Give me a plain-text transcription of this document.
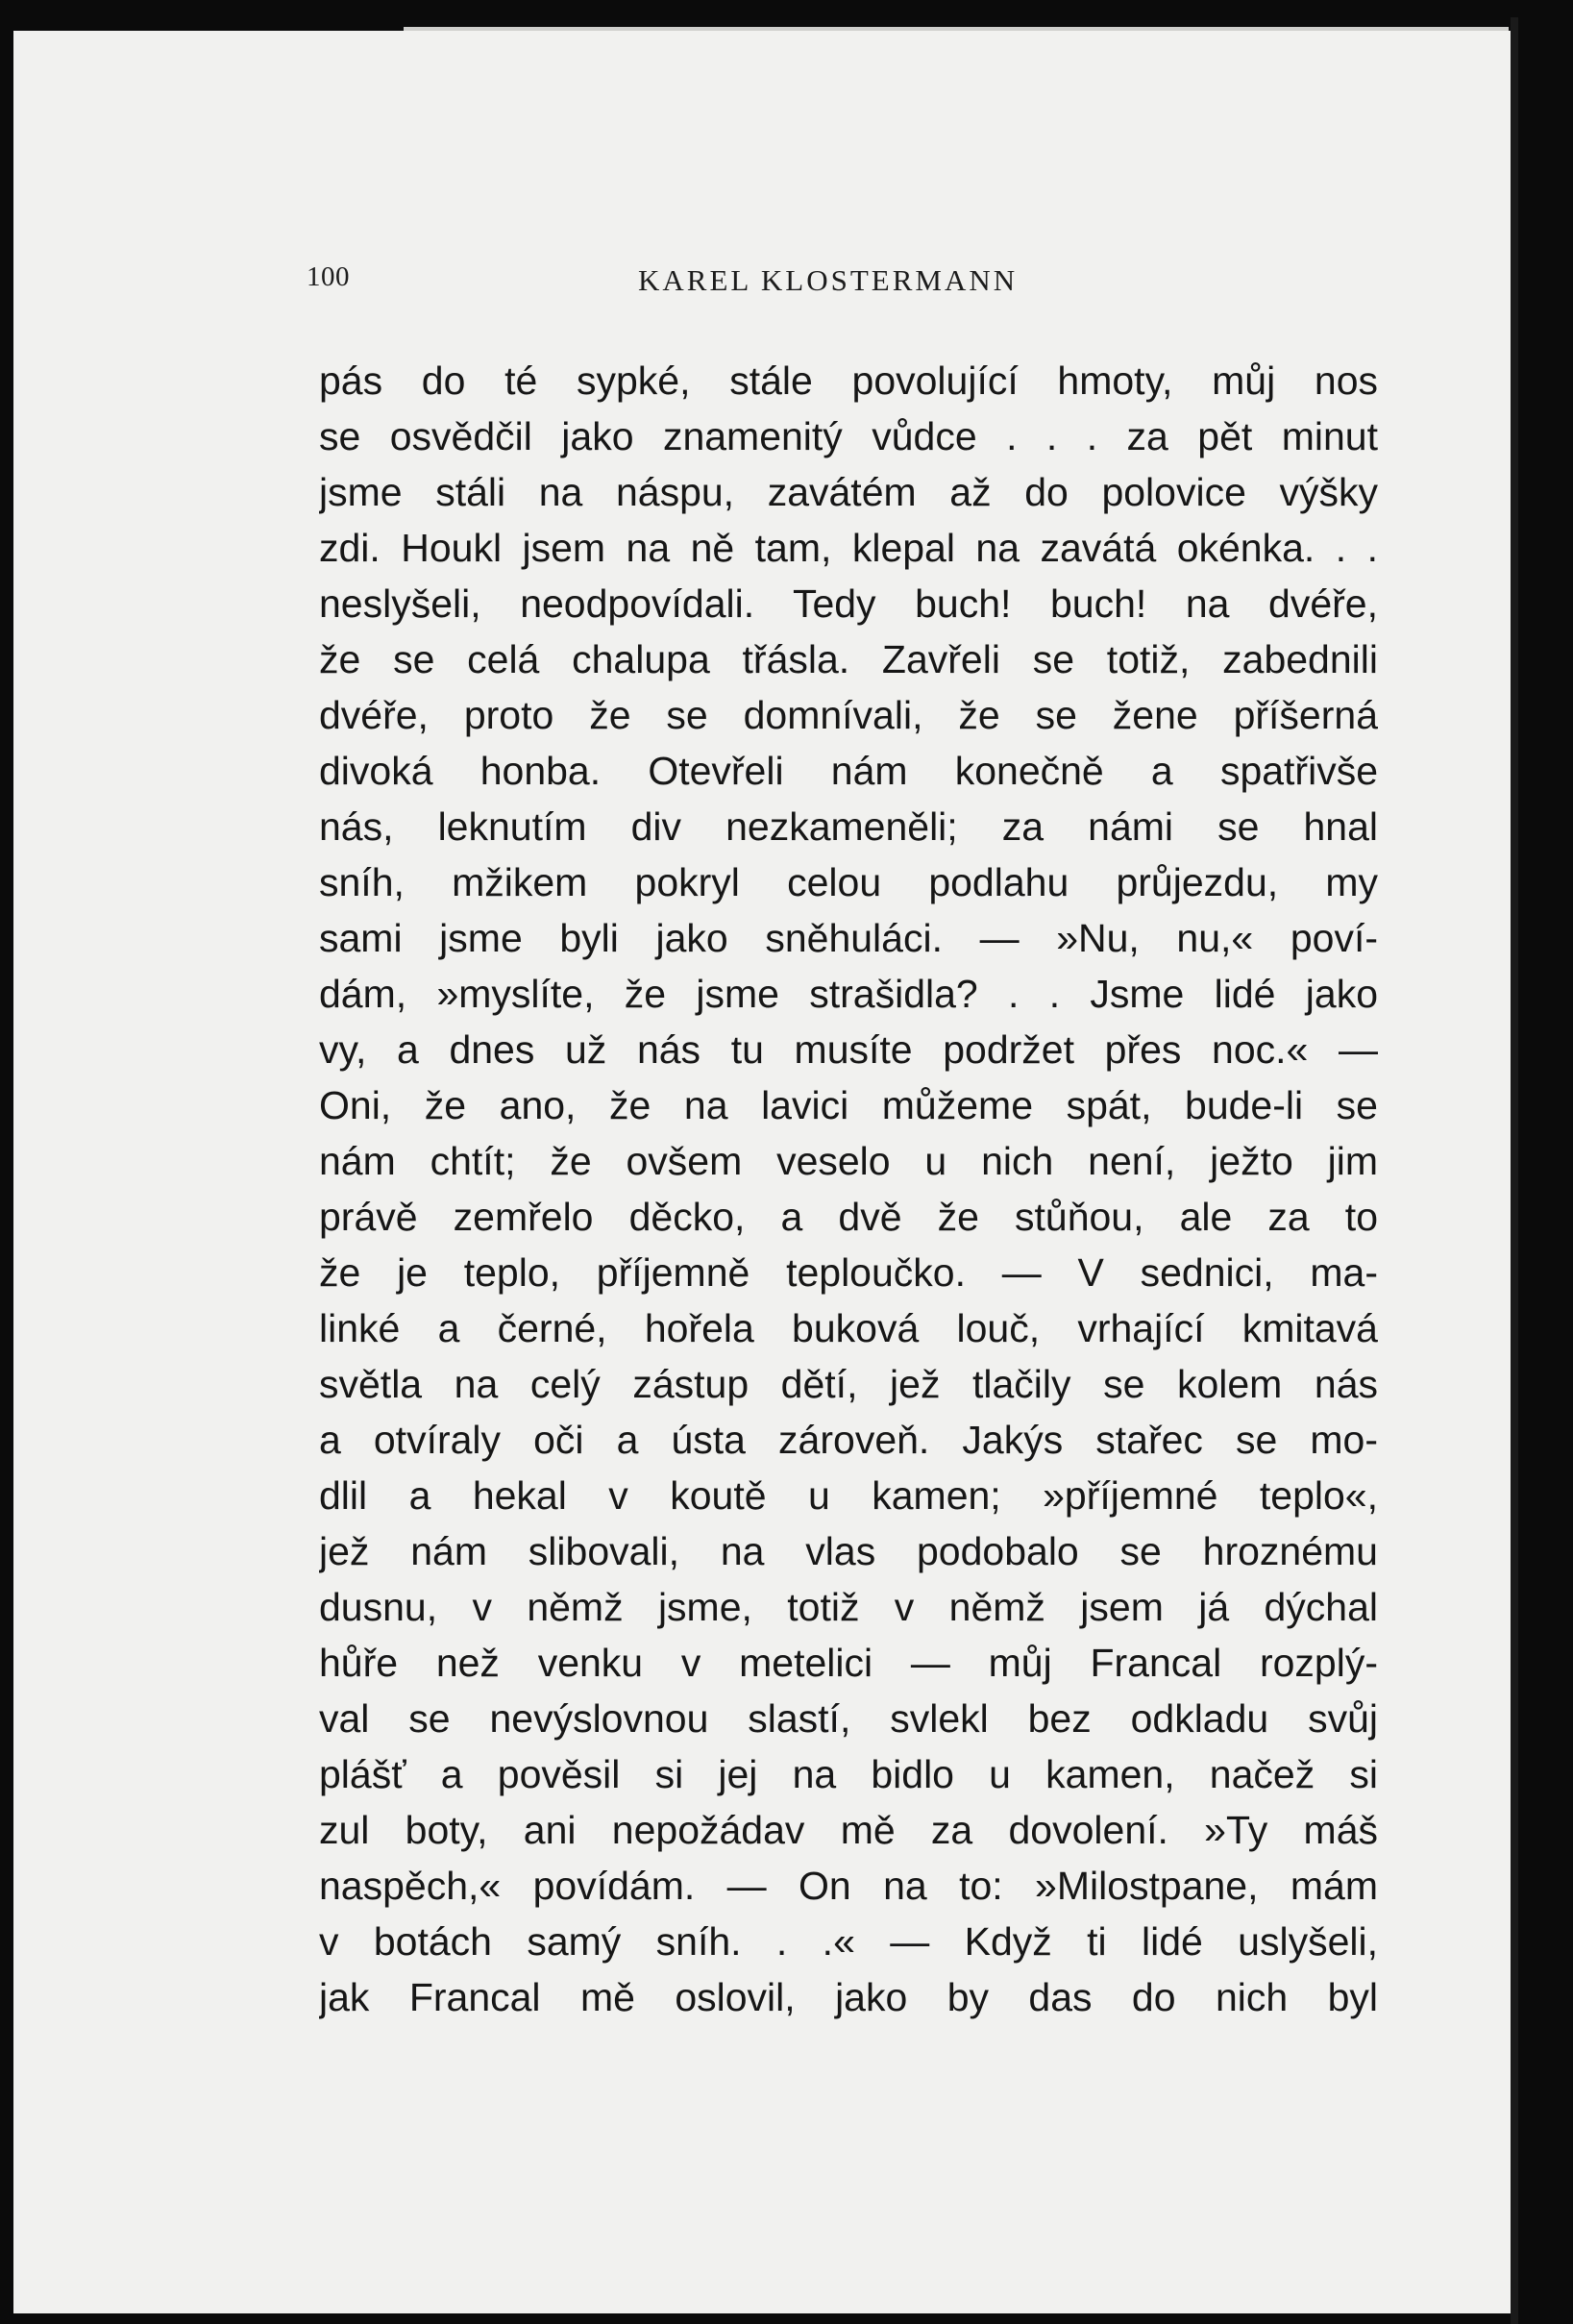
100	KAREL KLOSTERMANN
pás do té sypké, stále povolující hmoty, můj nos
se osvědčil jako znamenitý vůdce . . . za pět minut
jsme stáli na náspu, zavátém až do polovice výšky
zdi. Houkl jsem na ně tam, klepal na zavátá okénka. . .
neslyšeli, neodpovídali. Tedy buch! buch! na dvéře,
že se celá chalupa třásla. Zavřeli se totiž, zabednili
dvéře, proto že se domnívali, že se žene příšerná
divoká honba. Otevřeli nám konečně a spatřivše
nás, leknutím div nezkameněli; za námi se hnal
sníh, mžikem pokryl celou podlahu průjezdu, my
sami jsme byli jako sněhuláci. — »Nu, nu,« poví-
dám, »myslíte, že jsme strašidla? . . Jsme lidé jako
vy, a dnes už nás tu musíte podržet přes noc.« —
Oni, že ano, že na lavici můžeme spát, bude-li se
nám chtít; že ovšem veselo u nich není, ježto jim
právě zemřelo děcko, a dvě že stůňou, ale za to
že je teplo, příjemně teploučko. — V sednici, ma-
linké a černé, hořela buková louč, vrhající kmitavá
světla na celý zástup dětí, jež tlačily se kolem nás
a otvíraly oči a ústa zároveň. Jakýs stařec se mo-
dlil a hekal v koutě u kamen; »příjemné teplo«,
jež nám slibovali, na vlas podobalo se hroznému
dusnu, v němž jsme, totiž v němž jsem já dýchal
hůře než venku v metelici — můj Francal rozplý-
val se nevýslovnou slastí, svlekl bez odkladu svůj
plášť a pověsil si jej na bidlo u kamen, načež si
zul boty, ani nepožádav mě za dovolení. »Ty máš
naspěch,« povídám. — On na to: »Milostpane, mám
v botách samý sníh. . .« — Když ti lidé uslyšeli,
jak Francal mě oslovil, jako by das do nich byl
